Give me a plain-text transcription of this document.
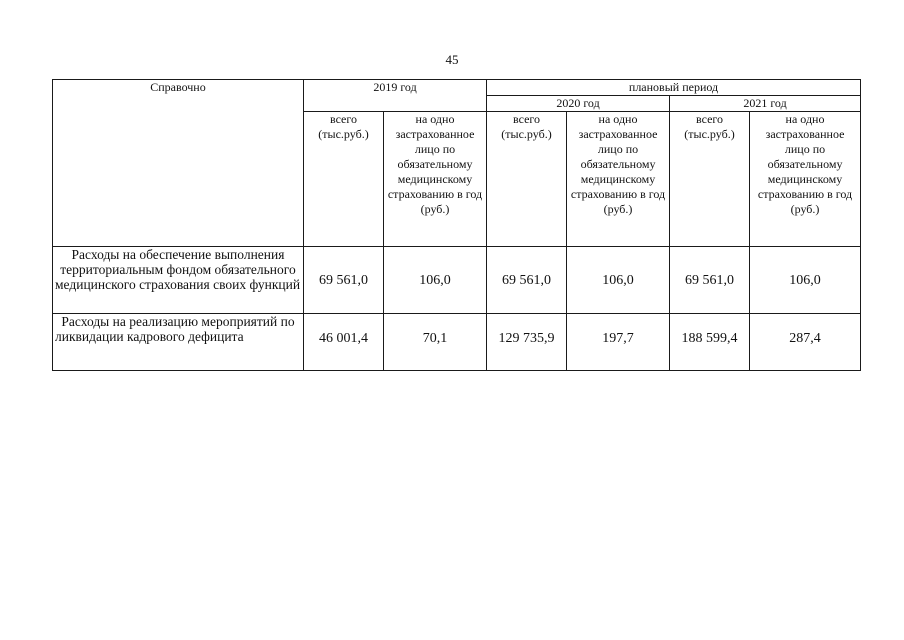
45
Справочно	2019 год		плановый период			
			2020 год		2021 год	
	всего (тыс.руб.)	на одно застрахованное лицо по обязательному медицинскому страхованию в год (руб.)	всего (тыс.руб.)	на одно застрахованное лицо по обязательному медицинскому страхованию в год (руб.)	всего (тыс.руб.)	на одно застрахованное лицо по обязательному медицинскому страхованию в год (руб.)
Расходы на обеспечение выполнения территориальным фондом обязательного медицинского страхования своих функций	69 561,0	106,0	69 561,0	106,0	69 561,0	106,0
Расходы на реализацию мероприятий по ликвидации кадрового дефицита	46 001,4	70,1	129 735,9	197,7	188 599,4	287,4
